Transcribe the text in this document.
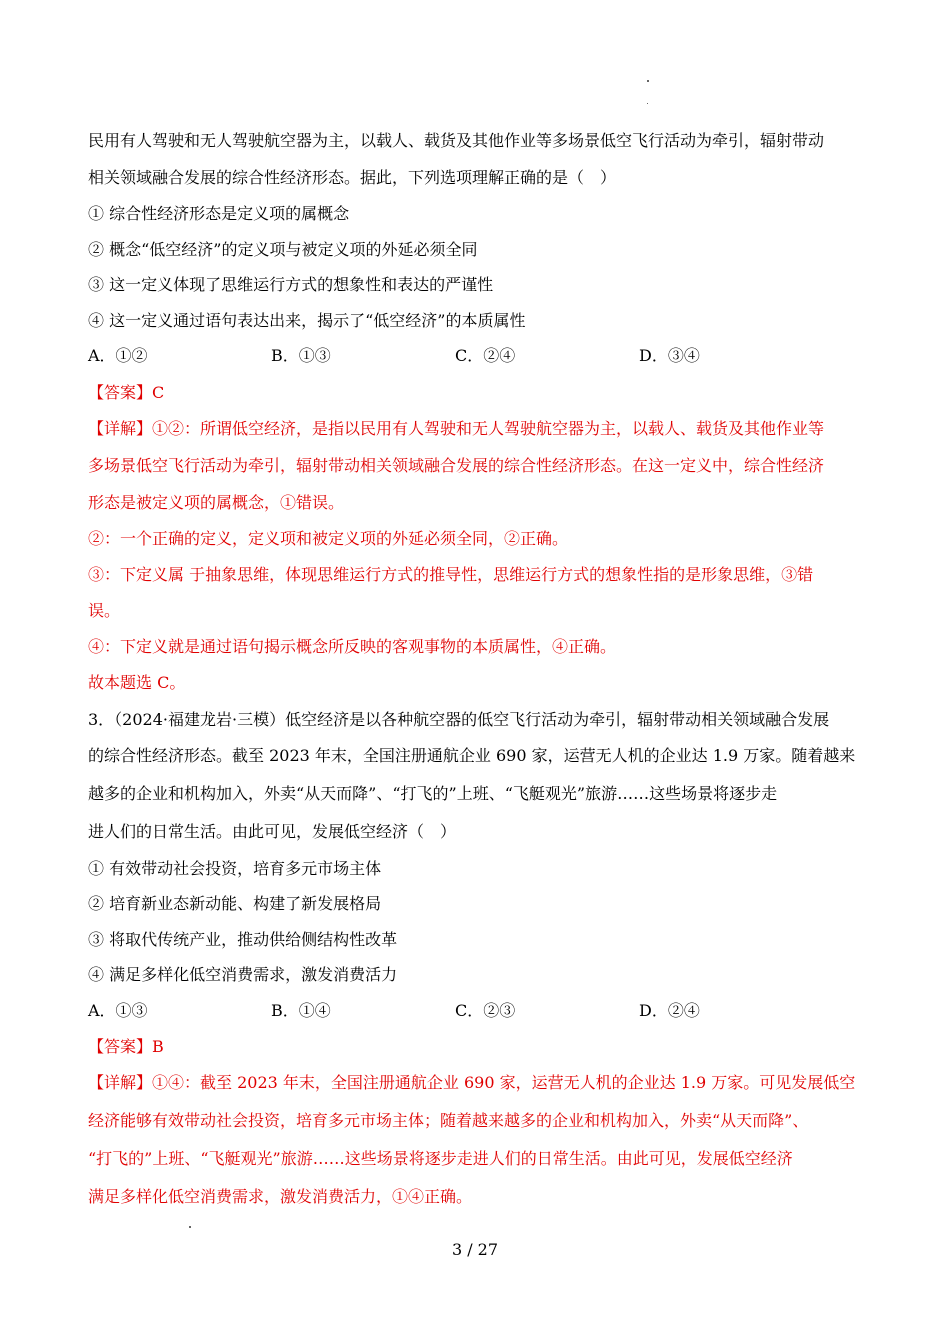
民用有人驾驶和无人驾驶航空器为主，以载人、载货及其他作业等多场景低空飞行活动为牵引，辐射带动
相关领域融合发展的综合性经济形态。据此，下列选项理解正确的是（　）
① 综合性经济形态是定义项的属概念
② 概念“低空经济”的定义项与被定义项的外延必须全同
③ 这一定义体现了思维运行方式的想象性和表达的严谨性
④ 这一定义通过语句表达出来，揭示了“低空经济”的本质属性
A．①②	B．①③	C．②④	D．③④
【答案】C
【详解】①②：所谓低空经济，是指以民用有人驾驶和无人驾驶航空器为主，以载人、载货及其他作业等
多场景低空飞行活动为牵引，辐射带动相关领域融合发展的综合性经济形态。在这一定义中，综合性经济
形态是被定义项的属概念，①错误。
②：一个正确的定义，定义项和被定义项的外延必须全同，②正确。
③：下定义属 于抽象思维，体现思维运行方式的推导性，思维运行方式的想象性指的是形象思维，③错
误。
④：下定义就是通过语句揭示概念所反映的客观事物的本质属性，④正确。
故本题选 C。
3．（2024·福建龙岩·三模）低空经济是以各种航空器的低空飞行活动为牵引，辐射带动相关领域融合发展
的综合性经济形态。截至 2023 年末，全国注册通航企业 690 家，运营无人机的企业达 1.9 万家。随着越来
越多的企业和机构加入，外卖“从天而降”、“打飞的”上班、“飞艇观光”旅游……这些场景将逐步走
进人们的日常生活。由此可见，发展低空经济（　）
① 有效带动社会投资，培育多元市场主体
② 培育新业态新动能、构建了新发展格局
③ 将取代传统产业，推动供给侧结构性改革
④ 满足多样化低空消费需求，激发消费活力
A．①③	B．①④	C．②③	D．②④
【答案】B
【详解】①④：截至 2023 年末，全国注册通航企业 690 家，运营无人机的企业达 1.9 万家。可见发展低空
经济能够有效带动社会投资，培育多元市场主体；随着越来越多的企业和机构加入，外卖“从天而降”、
“打飞的”上班、“飞艇观光”旅游……这些场景将逐步走进人们的日常生活。由此可见，发展低空经济
满足多样化低空消费需求，激发消费活力，①④正确。
3 / 27
